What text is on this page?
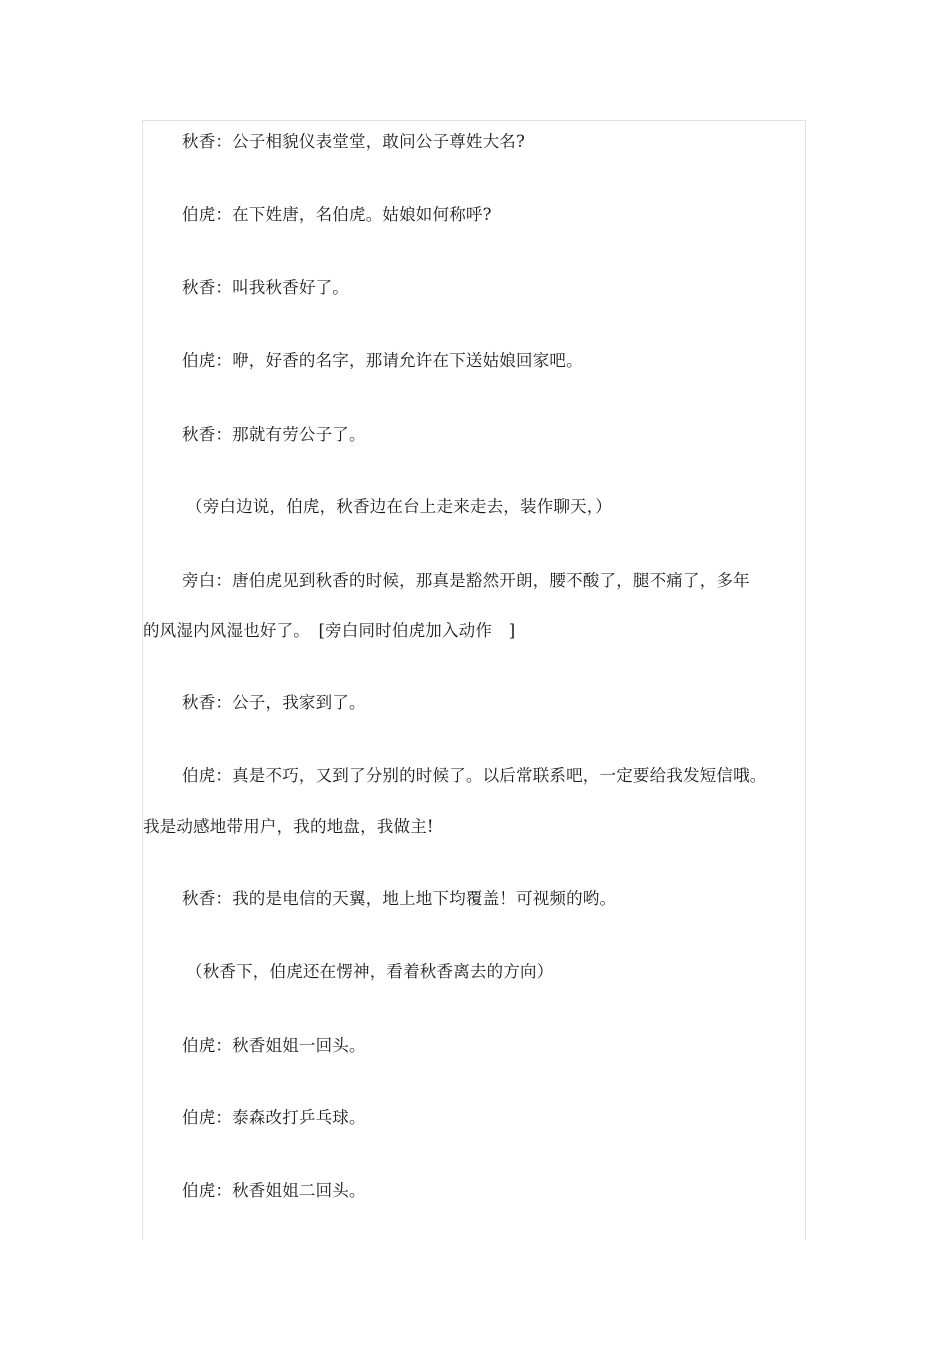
秋香：公子相貌仪表堂堂，敢问公子尊姓大名?
伯虎：在下姓唐，名伯虎。姑娘如何称呼?
秋香：叫我秋香好了。
伯虎：咿，好香的名字，那请允许在下送姑娘回家吧。
秋香：那就有劳公子了。
（旁白边说，伯虎，秋香边在台上走来走去，装作聊天，）
旁白：唐伯虎见到秋香的时候，那真是豁然开朗，腰不酸了，腿不痛了，多年
的风湿内风湿也好了。　[旁白同时伯虎加入动作　]
秋香：公子，我家到了。
伯虎：真是不巧，又到了分别的时候了。以后常联系吧，一定要给我发短信哦。
我是动感地带用户，我的地盘，我做主!
秋香：我的是电信的天翼，地上地下均覆盖！可视频的哟。
（秋香下，伯虎还在愣神，看着秋香离去的方向）
伯虎：秋香姐姐一回头。
伯虎：泰森改打乒乓球。
伯虎：秋香姐姐二回头。
